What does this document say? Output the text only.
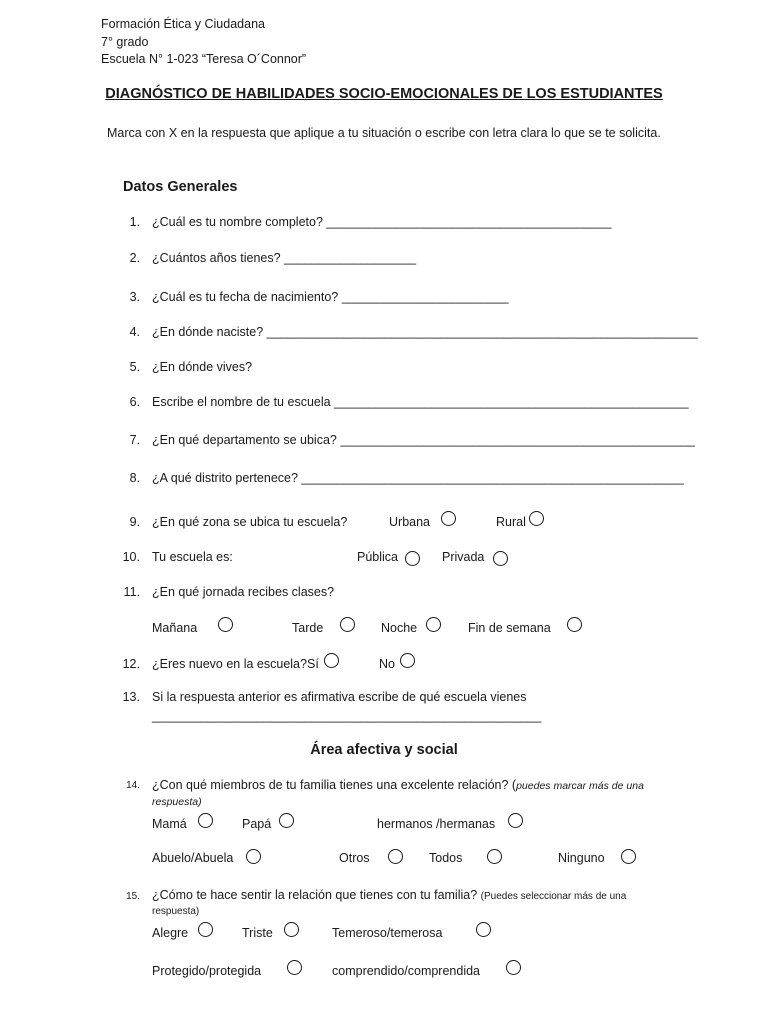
Formación Ética y Ciudadana
7° grado
Escuela N° 1-023 “Teresa O´Connor”
DIAGNÓSTICO DE HABILIDADES SOCIO-EMOCIONALES DE LOS ESTUDIANTES
Marca con X en la respuesta que aplique a tu situación o escribe con letra clara lo que se te solicita.
Datos Generales
1. ¿Cuál es tu nombre completo? _________________________________________
2. ¿Cuántos años tienes? ___________________
3. ¿Cuál es tu fecha de nacimiento? ________________________
4. ¿En dónde naciste? ______________________________________________________________
5. ¿En dónde vives?
6. Escribe el nombre de tu escuela ___________________________________________________
7. ¿En qué departamento se ubica? ___________________________________________________
8. ¿A qué distrito pertenece? _______________________________________________________
9. ¿En qué zona se ubica tu escuela?	Urbana	Rural
10. Tu escuela es:	Pública	Privada
11. ¿En qué jornada recibes clases?
Mañana	Tarde	Noche	Fin de semana
12. ¿Eres nuevo en la escuela? Sí	No
13. Si la respuesta anterior es afirmativa escribe de qué escuela vienes
________________________________________________________
Área afectiva y social
14. ¿Con qué miembros de tu familia tienes una excelente relación? (puedes marcar más de una
respuesta)
Mamá	Papá	hermanos /hermanas
Abuelo/Abuela	Otros	Todos	Ninguno
15. ¿Cómo te hace sentir la relación que tienes con tu familia? (Puedes seleccionar más de una
respuesta)
Alegre	Triste	Temeroso/temerosa
Protegido/protegida	comprendido/comprendida
